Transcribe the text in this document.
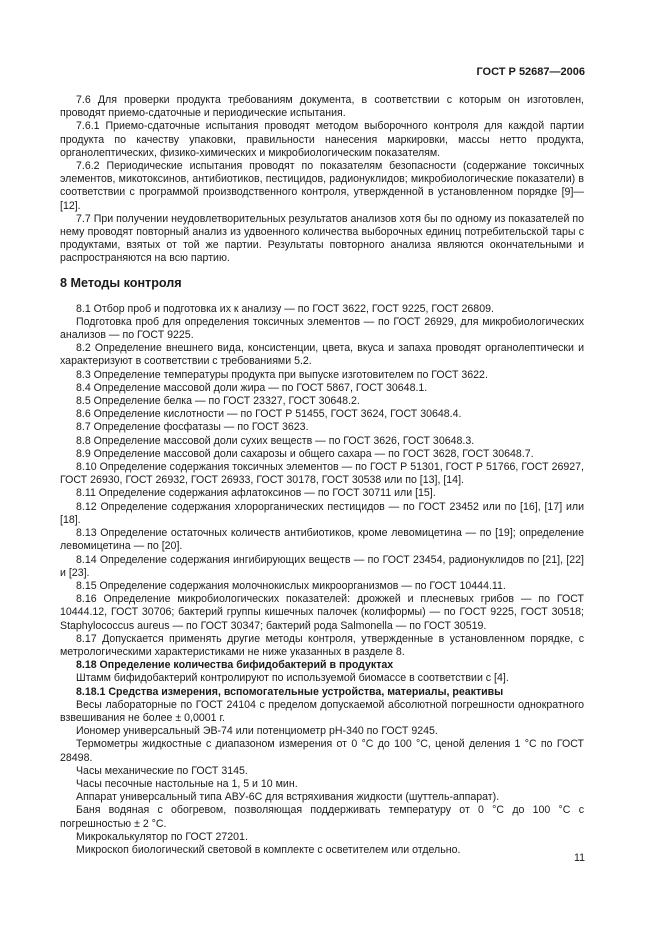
ГОСТ Р 52687—2006

7.6 Для проверки продукта требованиям документа, в соответствии с которым он изготовлен, проводят приемо-сдаточные и периодические испытания.

7.6.1 Приемо-сдаточные испытания проводят методом выборочного контроля для каждой партии продукта по качеству упаковки, правильности нанесения маркировки, массы нетто продукта, органолептических, физико-химических и микробиологическим показателям.

7.6.2 Периодические испытания проводят по показателям безопасности (содержание токсичных элементов, микотоксинов, антибиотиков, пестицидов, радионуклидов; микробиологические показатели) в соответствии с программой производственного контроля, утвержденной в установленном порядке [9]—[12].

7.7 При получении неудовлетворительных результатов анализов хотя бы по одному из показателей по нему проводят повторный анализ из удвоенного количества выборочных единиц потребительской тары с продуктами, взятых от той же партии. Результаты повторного анализа являются окончательными и распространяются на всю партию.

8 Методы контроля

8.1 Отбор проб и подготовка их к анализу — по ГОСТ 3622, ГОСТ 9225, ГОСТ 26809.

Подготовка проб для определения токсичных элементов — по ГОСТ 26929, для микробиологических анализов — по ГОСТ 9225.

8.2 Определение внешнего вида, консистенции, цвета, вкуса и запаха проводят органолептически и характеризуют в соответствии с требованиями 5.2.

8.3 Определение температуры продукта при выпуске изготовителем по ГОСТ 3622.

8.4 Определение массовой доли жира — по ГОСТ 5867, ГОСТ 30648.1.

8.5 Определение белка — по ГОСТ 23327, ГОСТ 30648.2.

8.6 Определение кислотности — по ГОСТ Р 51455, ГОСТ 3624, ГОСТ 30648.4.

8.7 Определение фосфатазы — по ГОСТ 3623.

8.8 Определение массовой доли сухих веществ — по ГОСТ 3626, ГОСТ 30648.3.

8.9 Определение массовой доли сахарозы и общего сахара — по ГОСТ 3628, ГОСТ 30648.7.

8.10 Определение содержания токсичных элементов — по ГОСТ Р 51301, ГОСТ Р 51766, ГОСТ 26927, ГОСТ 26930, ГОСТ 26932, ГОСТ 26933, ГОСТ 30178, ГОСТ 30538 или по [13], [14].

8.11 Определение содержания афлатоксинов — по ГОСТ 30711 или [15].

8.12 Определение содержания хлорорганических пестицидов — по ГОСТ 23452 или по [16], [17] или [18].

8.13 Определение остаточных количеств антибиотиков, кроме левомицетина — по [19]; определение левомицетина — по [20].

8.14 Определение содержания ингибирующих веществ — по ГОСТ 23454, радионуклидов по [21], [22] и [23].

8.15 Определение содержания молочнокислых микроорганизмов — по ГОСТ 10444.11.

8.16 Определение микробиологических показателей: дрожжей и плесневых грибов — по ГОСТ 10444.12, ГОСТ 30706; бактерий группы кишечных палочек (колиформы) — по ГОСТ 9225, ГОСТ 30518; Staphylococcus aureus — по ГОСТ 30347; бактерий рода Salmonella — по ГОСТ 30519.

8.17 Допускается применять другие методы контроля, утвержденные в установленном порядке, с метрологическими характеристиками не ниже указанных в разделе 8.

8.18 Определение количества бифидобактерий в продуктах

Штамм бифидобактерий контролируют по используемой биомассе в соответствии с [4].

8.18.1 Средства измерения, вспомогательные устройства, материалы, реактивы

Весы лабораторные по ГОСТ 24104 с пределом допускаемой абсолютной погрешности однократного взвешивания не более ± 0,0001 г.

Иономер универсальный ЭВ-74 или потенциометр рН-340 по ГОСТ 9245.

Термометры жидкостные с диапазоном измерения от 0 °С до 100 °С, ценой деления 1 °С по ГОСТ 28498.

Часы механические по ГОСТ 3145.

Часы песочные настольные на 1, 5 и 10 мин.

Аппарат универсальный типа АВУ-6С для встряхивания жидкости (шуттель-аппарат).

Баня водяная с обогревом, позволяющая поддерживать температуру от 0 °С до 100 °С с погрешностью ± 2 °С.

Микрокалькулятор по ГОСТ 27201.

Микроскоп биологический световой в комплекте с осветителем или отдельно.

11
